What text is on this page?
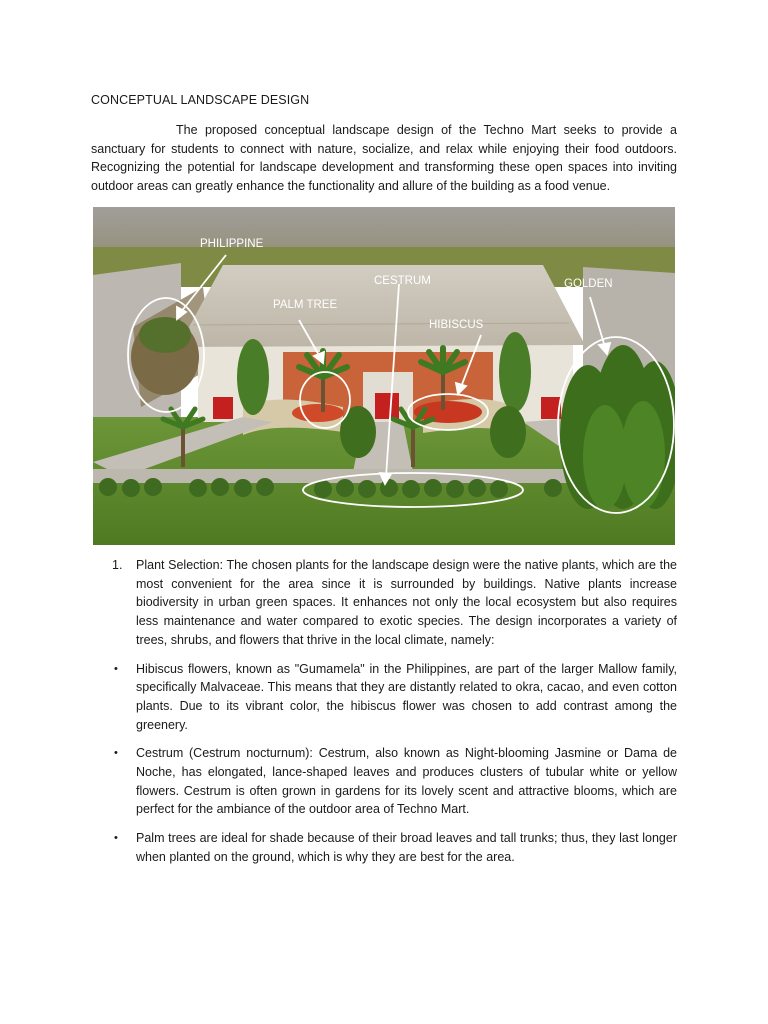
CONCEPTUAL LANDSCAPE DESIGN

The proposed conceptual landscape design of the Techno Mart seeks to provide a sanctuary for students to connect with nature, socialize, and relax while enjoying their food outdoors. Recognizing the potential for landscape development and transforming these open spaces into inviting outdoor areas can greatly enhance the functionality and allure of the building as a food venue.

PHILIPPINE
CESTRUM	GOLDEN
PALM TREE
HIBISCUS

1. Plant Selection: The chosen plants for the landscape design were the native plants, which are the most convenient for the area since it is surrounded by buildings. Native plants increase biodiversity in urban green spaces. It enhances not only the local ecosystem but also requires less maintenance and water compared to exotic species. The design incorporates a variety of trees, shrubs, and flowers that thrive in the local climate, namely:

• Hibiscus flowers, known as "Gumamela" in the Philippines, are part of the larger Mallow family, specifically Malvaceae. This means that they are distantly related to okra, cacao, and even cotton plants. Due to its vibrant color, the hibiscus flower was chosen to add contrast among the greenery.

• Cestrum (Cestrum nocturnum): Cestrum, also known as Night-blooming Jasmine or Dama de Noche, has elongated, lance-shaped leaves and produces clusters of tubular white or yellow flowers. Cestrum is often grown in gardens for its lovely scent and attractive blooms, which are perfect for the ambiance of the outdoor area of Techno Mart.

• Palm trees are ideal for shade because of their broad leaves and tall trunks; thus, they last longer when planted on the ground, which is why they are best for the area.
